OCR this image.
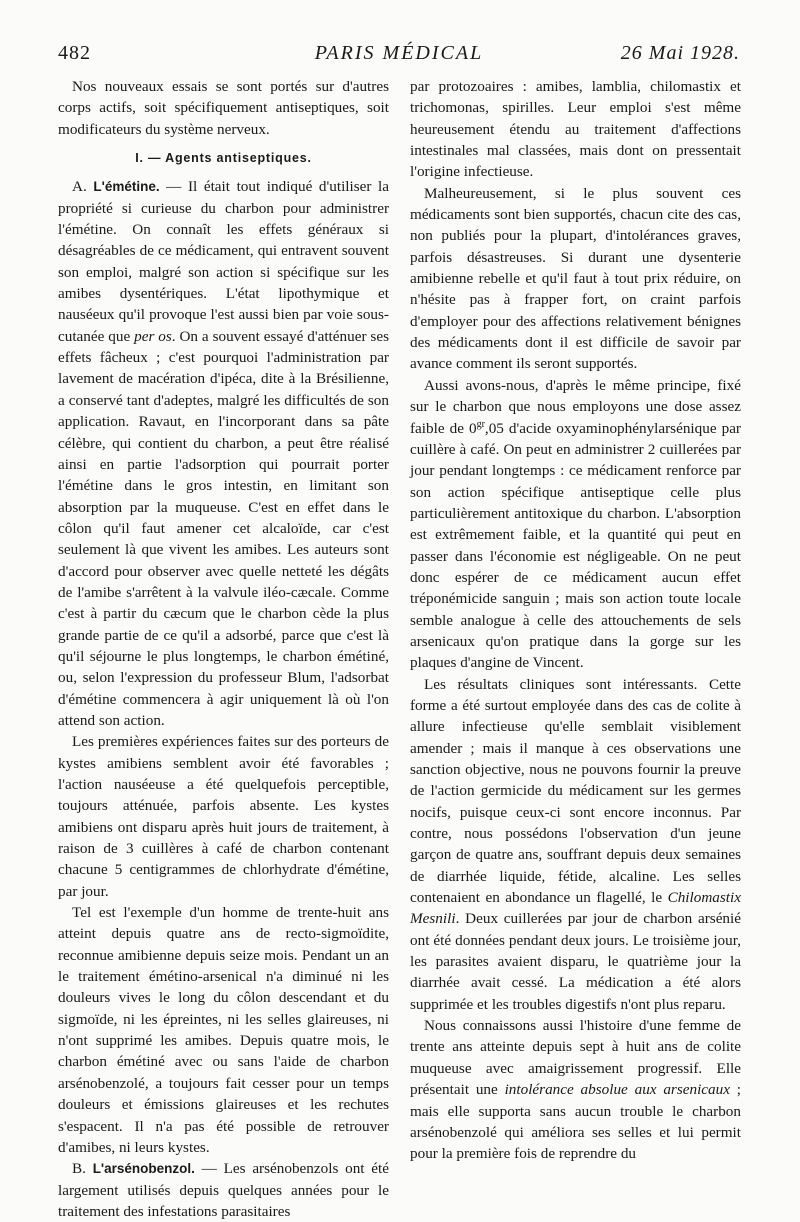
482	PARIS MÉDICAL	26 Mai 1928.

Nos nouveaux essais se sont portés sur d'autres corps actifs, soit spécifiquement antiseptiques, soit modificateurs du système nerveux.

I. — Agents antiseptiques.

A. L'émétine. — Il était tout indiqué d'utiliser la propriété si curieuse du charbon pour administrer l'émétine. On connaît les effets généraux si désagréables de ce médicament, qui entravent souvent son emploi, malgré son action si spécifique sur les amibes dysentériques. L'état lipothymique et nauséeux qu'il provoque l'est aussi bien par voie sous-cutanée que per os. On a souvent essayé d'atténuer ses effets fâcheux ; c'est pourquoi l'administration par lavement de macération d'ipéca, dite à la Brésilienne, a conservé tant d'adeptes, malgré les difficultés de son application. Ravaut, en l'incorporant dans sa pâte célèbre, qui contient du charbon, a peut être réalisé ainsi en partie l'adsorption qui pourrait porter l'émétine dans le gros intestin, en limitant son absorption par la muqueuse. C'est en effet dans le côlon qu'il faut amener cet alcaloïde, car c'est seulement là que vivent les amibes. Les auteurs sont d'accord pour observer avec quelle netteté les dégâts de l'amibe s'arrêtent à la valvule iléo-cæcale. Comme c'est à partir du cæcum que le charbon cède la plus grande partie de ce qu'il a adsorbé, parce que c'est là qu'il séjourne le plus longtemps, le charbon émétiné, ou, selon l'expression du professeur Blum, l'adsorbat d'émétine commencera à agir uniquement là où l'on attend son action.

Les premières expériences faites sur des porteurs de kystes amibiens semblent avoir été favorables ; l'action nauséeuse a été quelquefois perceptible, toujours atténuée, parfois absente. Les kystes amibiens ont disparu après huit jours de traitement, à raison de 3 cuillères à café de charbon contenant chacune 5 centigrammes de chlorhydrate d'émétine, par jour.

Tel est l'exemple d'un homme de trente-huit ans atteint depuis quatre ans de recto-sigmoïdite, reconnue amibienne depuis seize mois. Pendant un an le traitement émétino-arsenical n'a diminué ni les douleurs vives le long du côlon descendant et du sigmoïde, ni les épreintes, ni les selles glaireuses, ni n'ont supprimé les amibes. Depuis quatre mois, le charbon émétiné avec ou sans l'aide de charbon arsénobenzolé, a toujours fait cesser pour un temps douleurs et émissions glaireuses et les rechutes s'espacent. Il n'a pas été possible de retrouver d'amibes, ni leurs kystes.

B. L'arsénobenzol. — Les arsénobenzols ont été largement utilisés depuis quelques années pour le traitement des infestations parasitaires

par protozoaires : amibes, lamblia, chilomastix et trichomonas, spirilles. Leur emploi s'est même heureusement étendu au traitement d'affections intestinales mal classées, mais dont on pressentait l'origine infectieuse.

Malheureusement, si le plus souvent ces médicaments sont bien supportés, chacun cite des cas, non publiés pour la plupart, d'intolérances graves, parfois désastreuses. Si durant une dysenterie amibienne rebelle et qu'il faut à tout prix réduire, on n'hésite pas à frapper fort, on craint parfois d'employer pour des affections relativement bénignes des médicaments dont il est difficile de savoir par avance comment ils seront supportés.

Aussi avons-nous, d'après le même principe, fixé sur le charbon que nous employons une dose assez faible de $0^{gr},05$ d'acide oxyaminophénylarsénique par cuillère à café. On peut en administrer 2 cuillerées par jour pendant longtemps : ce médicament renforce par son action spécifique antiseptique celle plus particulièrement antitoxique du charbon. L'absorption est extrêmement faible, et la quantité qui peut en passer dans l'économie est négligeable. On ne peut donc espérer de ce médicament aucun effet tréponémicide sanguin ; mais son action toute locale semble analogue à celle des attouchements de sels arsenicaux qu'on pratique dans la gorge sur les plaques d'angine de Vincent.

Les résultats cliniques sont intéressants. Cette forme a été surtout employée dans des cas de colite à allure infectieuse qu'elle semblait visiblement amender ; mais il manque à ces observations une sanction objective, nous ne pouvons fournir la preuve de l'action germicide du médicament sur les germes nocifs, puisque ceux-ci sont encore inconnus. Par contre, nous possédons l'observation d'un jeune garçon de quatre ans, souffrant depuis deux semaines de diarrhée liquide, fétide, alcaline. Les selles contenaient en abondance un flagellé, le Chilomastix Mesnili. Deux cuillerées par jour de charbon arsénié ont été données pendant deux jours. Le troisième jour, les parasites avaient disparu, le quatrième jour la diarrhée avait cessé. La médication a été alors supprimée et les troubles digestifs n'ont plus reparu.

Nous connaissons aussi l'histoire d'une femme de trente ans atteinte depuis sept à huit ans de colite muqueuse avec amaigrissement progressif. Elle présentait une intolérance absolue aux arsenicaux ; mais elle supporta sans aucun trouble le charbon arsénobenzolé qui améliora ses selles et lui permit pour la première fois de reprendre du
